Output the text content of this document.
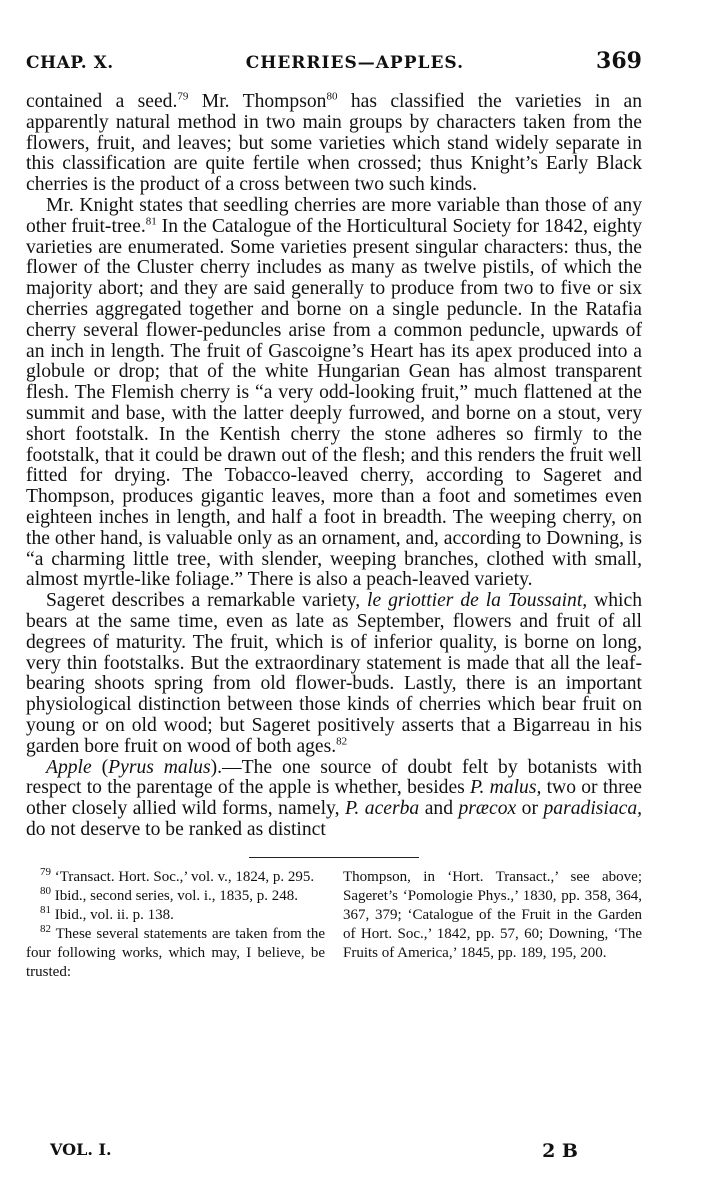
CHAP. X.	CHERRIES—APPLES.	369

contained a seed.$^{79}$ Mr. Thompson$^{80}$ has classified the varieties in an apparently natural method in two main groups by characters taken from the flowers, fruit, and leaves; but some varieties which stand widely separate in this classification are quite fertile when crossed; thus Knight’s Early Black cherries is the product of a cross between two such kinds.

Mr. Knight states that seedling cherries are more variable than those of any other fruit-tree.$^{81}$ In the Catalogue of the Horticultural Society for 1842, eighty varieties are enumerated. Some varieties present singular characters: thus, the flower of the Cluster cherry includes as many as twelve pistils, of which the majority abort; and they are said generally to produce from two to five or six cherries aggregated together and borne on a single peduncle. In the Ratafia cherry several flower-peduncles arise from a common peduncle, upwards of an inch in length. The fruit of Gascoigne’s Heart has its apex produced into a globule or drop; that of the white Hungarian Gean has almost transparent flesh. The Flemish cherry is “a very odd-looking fruit,” much flattened at the summit and base, with the latter deeply furrowed, and borne on a stout, very short footstalk. In the Kentish cherry the stone adheres so firmly to the footstalk, that it could be drawn out of the flesh; and this renders the fruit well fitted for drying. The Tobacco-leaved cherry, according to Sageret and Thompson, produces gigantic leaves, more than a foot and sometimes even eighteen inches in length, and half a foot in breadth. The weeping cherry, on the other hand, is valuable only as an ornament, and, according to Downing, is “a charming little tree, with slender, weeping branches, clothed with small, almost myrtle-like foliage.” There is also a peach-leaved variety.

Sageret describes a remarkable variety, le griottier de la Toussaint, which bears at the same time, even as late as September, flowers and fruit of all degrees of maturity. The fruit, which is of inferior quality, is borne on long, very thin footstalks. But the extraordinary statement is made that all the leaf-bearing shoots spring from old flower-buds. Lastly, there is an important physiological distinction between those kinds of cherries which bear fruit on young or on old wood; but Sageret positively asserts that a Bigarreau in his garden bore fruit on wood of both ages.$^{82}$

Apple (Pyrus malus).—The one source of doubt felt by botanists with respect to the parentage of the apple is whether, besides P. malus, two or three other closely allied wild forms, namely, P. acerba and præcox or paradisiaca, do not deserve to be ranked as distinct

$^{79}$ ‘Transact. Hort. Soc.,’ vol. v., 1824, p. 295.

$^{80}$ Ibid., second series, vol. i., 1835, p. 248.

$^{81}$ Ibid., vol. ii. p. 138.

$^{82}$ These several statements are taken from the four following works, which may, I believe, be trusted:

Thompson, in ‘Hort. Transact.,’ see above; Sageret’s ‘Pomologie Phys.,’ 1830, pp. 358, 364, 367, 379; ‘Catalogue of the Fruit in the Garden of Hort. Soc.,’ 1842, pp. 57, 60; Downing, ‘The Fruits of America,’ 1845, pp. 189, 195, 200.

VOL. I.	2 B
